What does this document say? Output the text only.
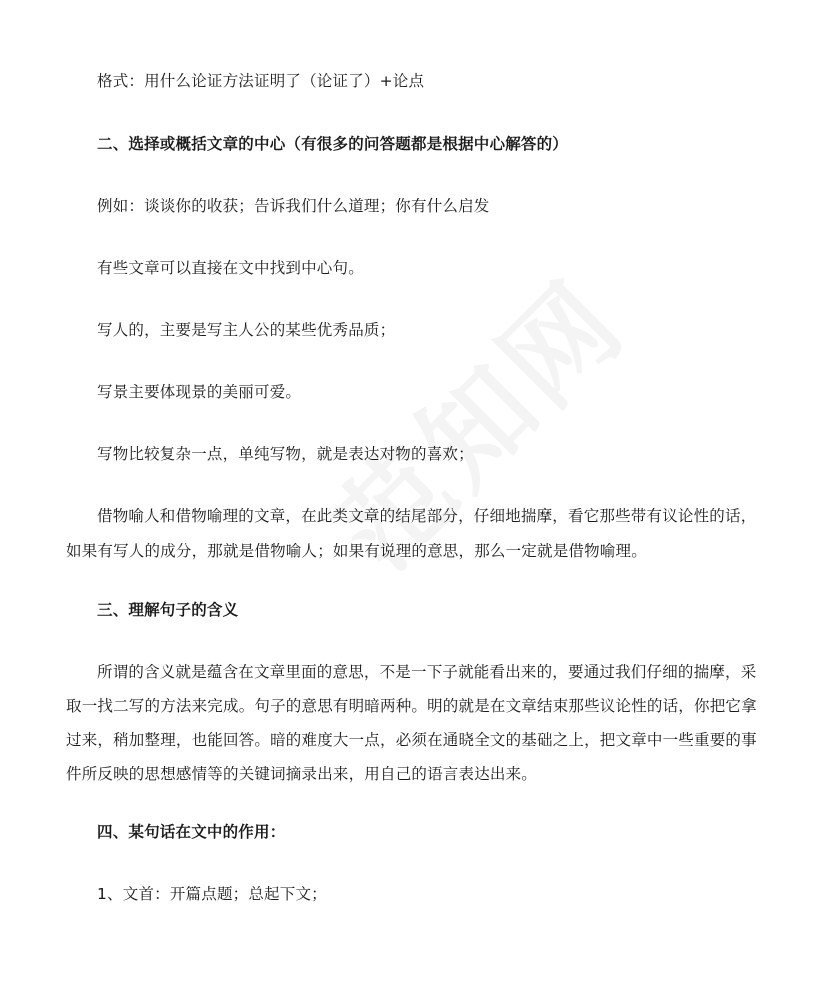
格式：用什么论证方法证明了（论证了）+论点
二、选择或概括文章的中心（有很多的问答题都是根据中心解答的）
例如：谈谈你的收获；告诉我们什么道理；你有什么启发
有些文章可以直接在文中找到中心句。
写人的，主要是写主人公的某些优秀品质；
写景主要体现景的美丽可爱。
写物比较复杂一点，单纯写物，就是表达对物的喜欢；
借物喻人和借物喻理的文章，在此类文章的结尾部分，仔细地揣摩，看它那些带有议论性的话，
如果有写人的成分，那就是借物喻人；如果有说理的意思，那么一定就是借物喻理。
三、理解句子的含义
所谓的含义就是蕴含在文章里面的意思，不是一下子就能看出来的，要通过我们仔细的揣摩，采
取一找二写的方法来完成。句子的意思有明暗两种。明的就是在文章结束那些议论性的话，你把它拿
过来，稍加整理，也能回答。暗的难度大一点，必须在通晓全文的基础之上，把文章中一些重要的事
件所反映的思想感情等的关键词摘录出来，用自己的语言表达出来。
四、某句话在文中的作用：
1、文首：开篇点题；总起下文；
